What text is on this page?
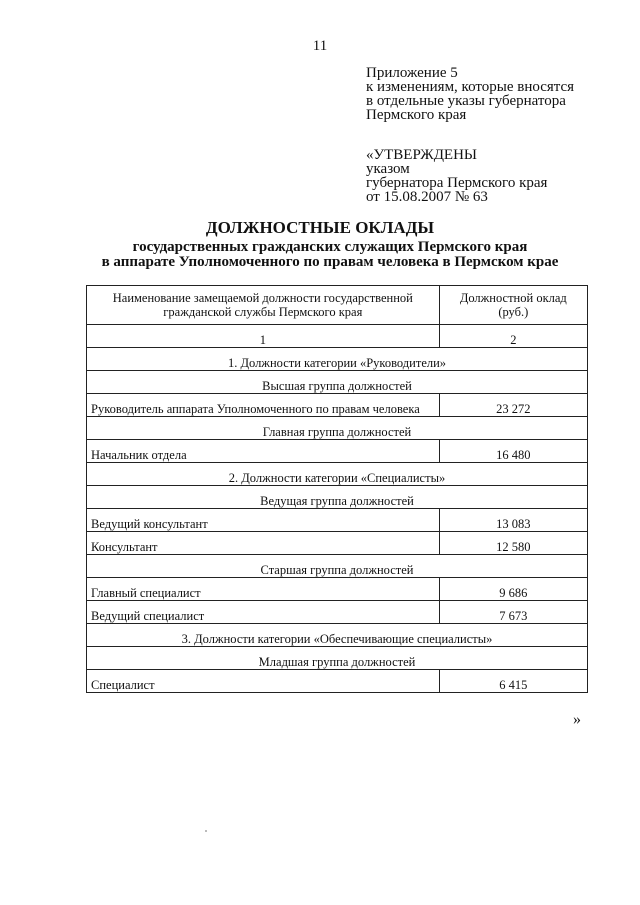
11
Приложение 5
к изменениям, которые вносятся
в отдельные указы губернатора
Пермского края
«УТВЕРЖДЕНЫ
указом
губернатора Пермского края
от 15.08.2007 № 63
ДОЛЖНОСТНЫЕ ОКЛАДЫ
государственных гражданских служащих Пермского края
в аппарате Уполномоченного по правам человека в Пермском крае
Наименование замещаемой должности государственной гражданской службы Пермского края	Должностной оклад (руб.)
1	2
1. Должности категории «Руководители»	
Высшая группа должностей	
Руководитель аппарата Уполномоченного по правам человека	23 272
Главная группа должностей	
Начальник отдела	16 480
2. Должности категории «Специалисты»	
Ведущая группа должностей	
Ведущий консультант	13 083
Консультант	12 580
Старшая группа должностей	
Главный специалист	9 686
Ведущий специалист	7 673
3. Должности категории «Обеспечивающие специалисты»	
Младшая группа должностей	
Специалист	6 415
»
